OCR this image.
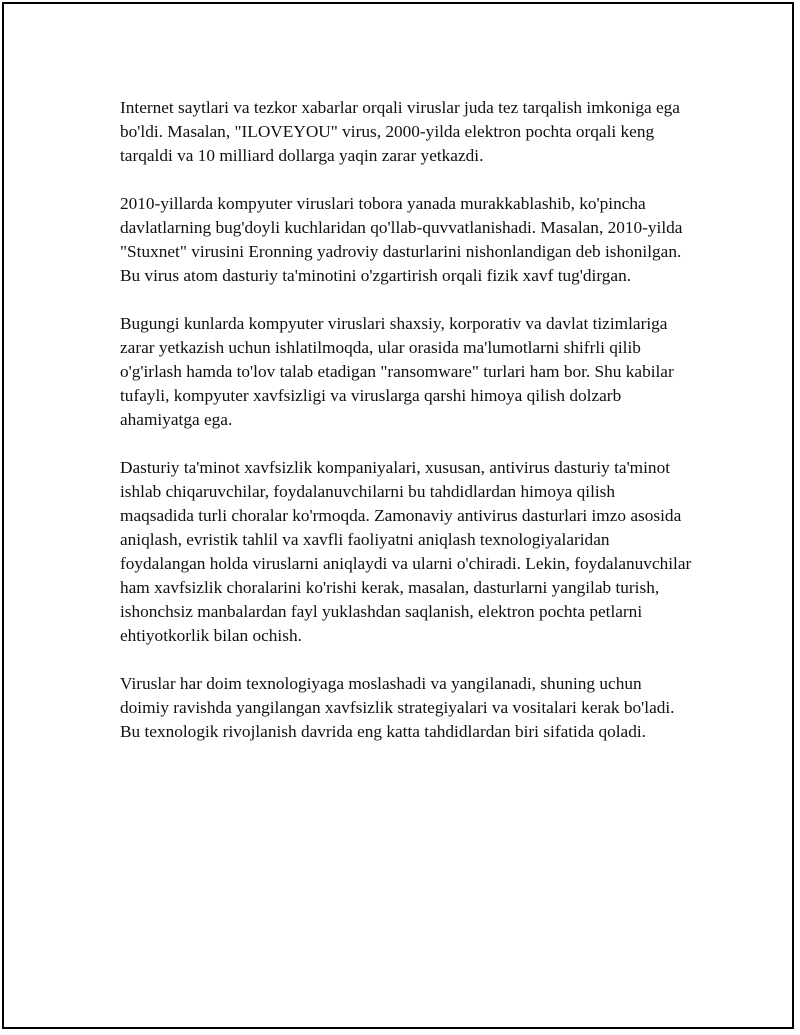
Internet saytlari va tezkor xabarlar orqali viruslar juda tez tarqalish imkoniga ega bo'ldi. Masalan, "ILOVEYOU" virus, 2000-yilda elektron pochta orqali keng tarqaldi va 10 milliard dollarga yaqin zarar yetkazdi.

2010-yillarda kompyuter viruslari tobora yanada murakkablashib, ko'pincha davlatlarning bug'doyli kuchlaridan qo'llab-quvvatlanishadi. Masalan, 2010-yilda "Stuxnet" virusini Eronning yadroviy dasturlarini nishonlandigan deb ishonilgan. Bu virus atom dasturiy ta'minotini o'zgartirish orqali fizik xavf tug'dirgan.

Bugungi kunlarda kompyuter viruslari shaxsiy, korporativ va davlat tizimlariga zarar yetkazish uchun ishlatilmoqda, ular orasida ma'lumotlarni shifrli qilib o'g'irlash hamda to'lov talab etadigan "ransomware" turlari ham bor. Shu kabilar tufayli, kompyuter xavfsizligi va viruslarga qarshi himoya qilish dolzarb ahamiyatga ega.

Dasturiy ta'minot xavfsizlik kompaniyalari, xususan, antivirus dasturiy ta'minot ishlab chiqaruvchilar, foydalanuvchilarni bu tahdidlardan himoya qilish maqsadida turli choralar ko'rmoqda. Zamonaviy antivirus dasturlari imzo asosida aniqlash, evristik tahlil va xavfli faoliyatni aniqlash texnologiyalaridan foydalangan holda viruslarni aniqlaydi va ularni o'chiradi. Lekin, foydalanuvchilar ham xavfsizlik choralarini ko'rishi kerak, masalan, dasturlarni yangilab turish, ishonchsiz manbalardan fayl yuklashdan saqlanish, elektron pochta petlarni ehtiyotkorlik bilan ochish.

Viruslar har doim texnologiyaga moslashadi va yangilanadi, shuning uchun doimiy ravishda yangilangan xavfsizlik strategiyalari va vositalari kerak bo'ladi. Bu texnologik rivojlanish davrida eng katta tahdidlardan biri sifatida qoladi.
